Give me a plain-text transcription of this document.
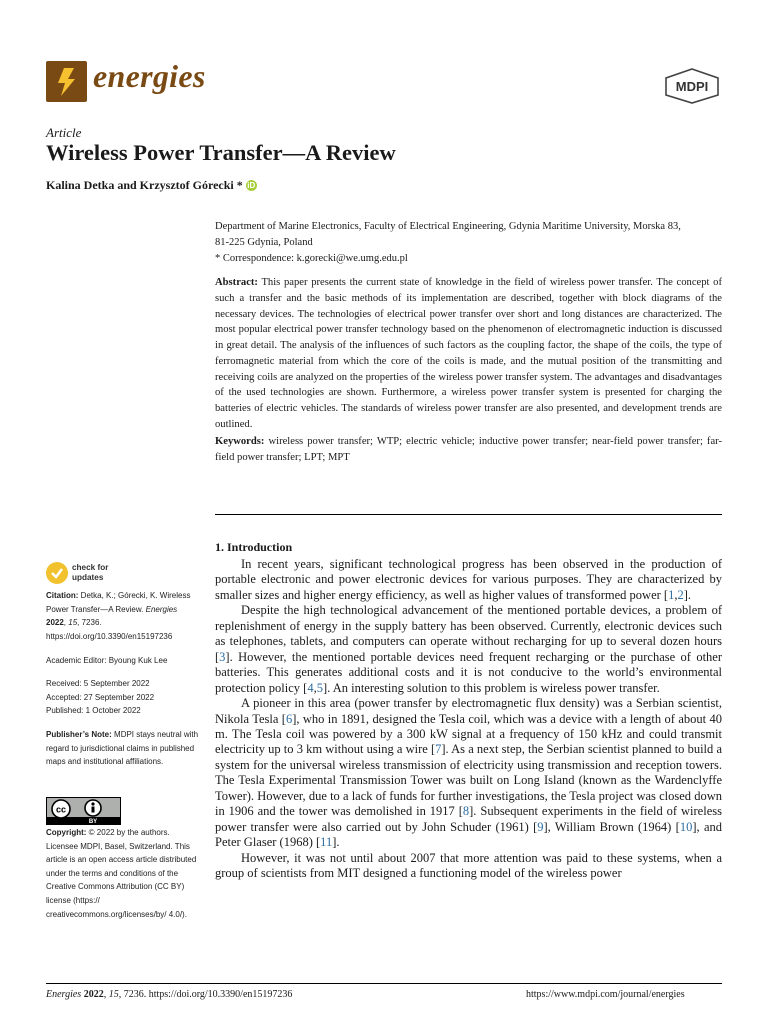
energies	MDPI
Article
Wireless Power Transfer—A Review
Kalina Detka and Krzysztof Górecki * iD
Department of Marine Electronics, Faculty of Electrical Engineering, Gdynia Maritime University, Morska 83,
81-225 Gdynia, Poland
* Correspondence: k.gorecki@we.umg.edu.pl

Abstract: This paper presents the current state of knowledge in the field of wireless power transfer. The concept of such a transfer and the basic methods of its implementation are described, together with block diagrams of the necessary devices. The technologies of electrical power transfer over short and long distances are characterized. The most popular electrical power transfer technology based on the phenomenon of electromagnetic induction is discussed in great detail. The analysis of the influences of such factors as the coupling factor, the shape of the coils, the type of ferromagnetic material from which the core of the coils is made, and the mutual position of the transmitting and receiving coils are analyzed on the properties of the wireless power transfer system. The advantages and disadvantages of the used technologies are shown. Furthermore, a wireless power transfer system is presented for charging the batteries of electric vehicles. The standards of wireless power transfer are also presented, and development trends are outlined.

Keywords: wireless power transfer; WTP; electric vehicle; inductive power transfer; near-field power transfer; far-field power transfer; LPT; MPT

1. Introduction

In recent years, significant technological progress has been observed in the production of portable electronic and power electronic devices for various purposes. They are characterized by smaller sizes and higher energy efficiency, as well as higher values of transformed power [1,2].

Despite the high technological advancement of the mentioned portable devices, a problem of replenishment of energy in the supply battery has been observed. Currently, electronic devices such as telephones, tablets, and computers can operate without recharging for up to several dozen hours [3]. However, the mentioned portable devices need frequent recharging or the purchase of other batteries. This generates additional costs and it is not conducive to the world’s environmental protection policy [4,5]. An interesting solution to this problem is wireless power transfer.

A pioneer in this area (power transfer by electromagnetic flux density) was a Serbian scientist, Nikola Tesla [6], who in 1891, designed the Tesla coil, which was a device with a length of about 40 m. The Tesla coil was powered by a 300 kW signal at a frequency of 150 kHz and could transmit electricity up to 3 km without using a wire [7]. As a next step, the Serbian scientist planned to build a system for the universal wireless transmission of electricity using transmission and reception towers. The Tesla Experimental Transmission Tower was built on Long Island (known as the Wardenclyffe Tower). However, due to a lack of funds for further investigations, the Tesla project was closed down in 1906 and the tower was demolished in 1917 [8]. Subsequent experiments in the field of wireless power transfer were also carried out by John Schuder (1961) [9], William Brown (1964) [10], and Peter Glaser (1968) [11].

However, it was not until about 2007 that more attention was paid to these systems, when a group of scientists from MIT designed a functioning model of the wireless power

check for
updates
Citation: Detka, K.; Górecki, K. Wireless Power Transfer—A Review. Energies 2022, 15, 7236. https://doi.org/10.3390/en15197236
Academic Editor: Byoung Kuk Lee
Received: 5 September 2022
Accepted: 27 September 2022
Published: 1 October 2022
Publisher’s Note: MDPI stays neutral with regard to jurisdictional claims in published maps and institutional affiliations.
cc
BY
Copyright: © 2022 by the authors. Licensee MDPI, Basel, Switzerland. This article is an open access article distributed under the terms and conditions of the Creative Commons Attribution (CC BY) license (https:// creativecommons.org/licenses/by/ 4.0/).
Energies 2022, 15, 7236. https://doi.org/10.3390/en15197236	https://www.mdpi.com/journal/energies
